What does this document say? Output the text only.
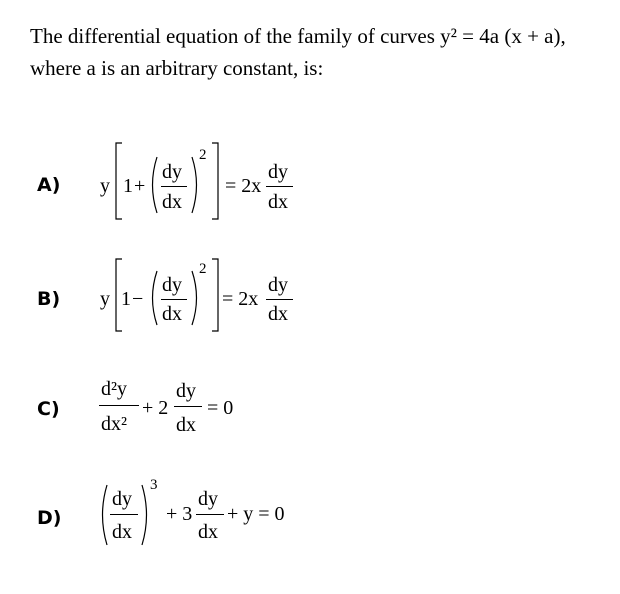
The differential equation of the family of curves y² = 4a (x + a),
where a is an arbitrary constant, is:
A) y 1 +
dy
dx
2
= 2x
dy
dx
B) y 1 −
dy
dx
2
= 2x
dy
dx
C)
d²y
dx²
+ 2
dy
dx
= 0
D)
dy
dx
3
+ 3
dy
dx
+ y = 0
